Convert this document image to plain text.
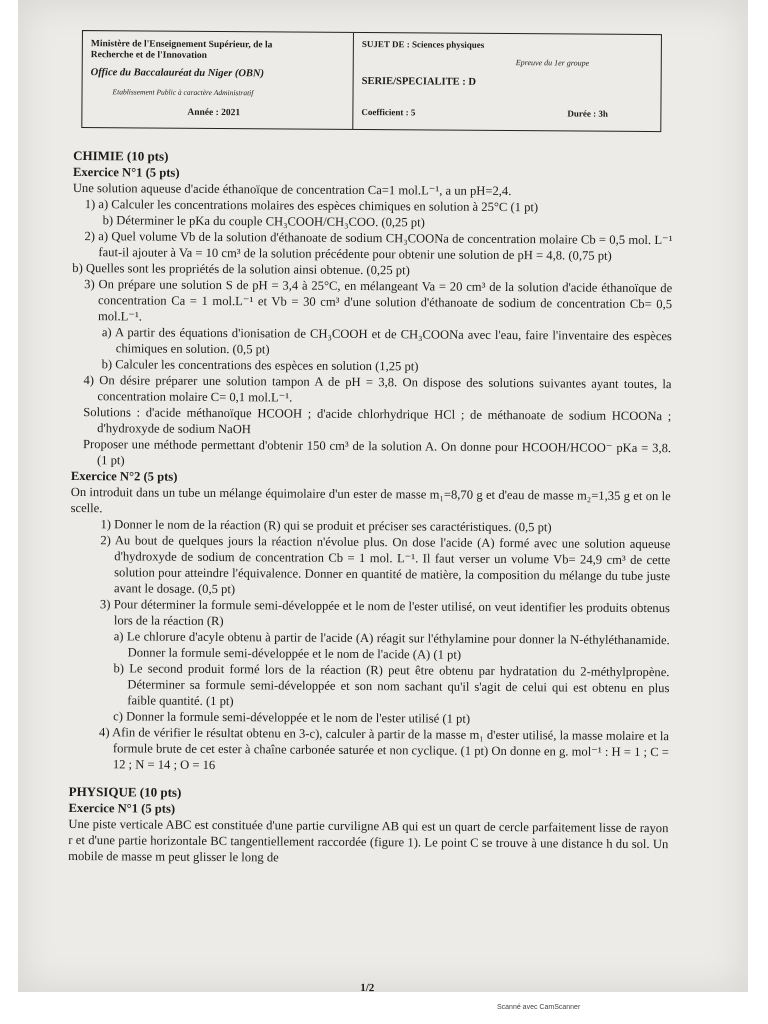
Ministère de l'Enseignement Supérieur, de la
Recherche et de l'Innovation
Office du Baccalauréat du Niger (OBN)
Etablissement Public à caractère Administratif
Année : 2021
SUJET DE : Sciences physiques
Epreuve du 1er groupe
SERIE/SPECIALITE : D
Coefficient : 5	Durée : 3h

CHIMIE (10 pts)

Exercice N°1 (5 pts)

Une solution aqueuse d'acide éthanoïque de concentration Ca=1 mol.L⁻¹, a un pH=2,4.

1) a) Calculer les concentrations molaires des espèces chimiques en solution à 25°C (1 pt)

b) Déterminer le pKa du couple CH₃COOH/CH₃COO. (0,25 pt)

2) a) Quel volume Vb de la solution d'éthanoate de sodium CH₃COONa de concentration molaire Cb = 0,5 mol. L⁻¹ faut-il ajouter à Va = 10 cm³ de la solution précédente pour obtenir une solution de pH = 4,8. (0,75 pt)

b) Quelles sont les propriétés de la solution ainsi obtenue. (0,25 pt)

3) On prépare une solution S de pH = 3,4 à 25°C, en mélangeant Va = 20 cm³ de la solution d'acide éthanoïque de concentration Ca = 1 mol.L⁻¹ et Vb = 30 cm³ d'une solution d'éthanoate de sodium de concentration Cb= 0,5 mol.L⁻¹.

a) A partir des équations d'ionisation de CH₃COOH et de CH₃COONa avec l'eau, faire l'inventaire des espèces chimiques en solution. (0,5 pt)

b) Calculer les concentrations des espèces en solution (1,25 pt)

4) On désire préparer une solution tampon A de pH = 3,8. On dispose des solutions suivantes ayant toutes, la concentration molaire C= 0,1 mol.L⁻¹.

Solutions : d'acide méthanoïque HCOOH ; d'acide chlorhydrique HCl ; de méthanoate de sodium HCOONa ; d'hydroxyde de sodium NaOH

Proposer une méthode permettant d'obtenir 150 cm³ de la solution A. On donne pour HCOOH/HCOO⁻ pKa = 3,8. (1 pt)

Exercice N°2 (5 pts)

On introduit dans un tube un mélange équimolaire d'un ester de masse m₁=8,70 g et d'eau de masse m₂=1,35 g et on le scelle.

1) Donner le nom de la réaction (R) qui se produit et préciser ses caractéristiques. (0,5 pt)

2) Au bout de quelques jours la réaction n'évolue plus. On dose l'acide (A) formé avec une solution aqueuse d'hydroxyde de sodium de concentration Cb = 1 mol. L⁻¹. Il faut verser un volume Vb= 24,9 cm³ de cette solution pour atteindre l'équivalence. Donner en quantité de matière, la composition du mélange du tube juste avant le dosage. (0,5 pt)

3) Pour déterminer la formule semi-développée et le nom de l'ester utilisé, on veut identifier les produits obtenus lors de la réaction (R)

a) Le chlorure d'acyle obtenu à partir de l'acide (A) réagit sur l'éthylamine pour donner la N-éthyléthanamide. Donner la formule semi-développée et le nom de l'acide (A) (1 pt)

b) Le second produit formé lors de la réaction (R) peut être obtenu par hydratation du 2-méthylpropène. Déterminer sa formule semi-développée et son nom sachant qu'il s'agit de celui qui est obtenu en plus faible quantité. (1 pt)

c) Donner la formule semi-développée et le nom de l'ester utilisé (1 pt)

4) Afin de vérifier le résultat obtenu en 3-c), calculer à partir de la masse m₁ d'ester utilisé, la masse molaire et la formule brute de cet ester à chaîne carbonée saturée et non cyclique. (1 pt) On donne en g. mol⁻¹ : H = 1 ; C = 12 ; N = 14 ; O = 16

PHYSIQUE (10 pts)

Exercice N°1 (5 pts)

Une piste verticale ABC est constituée d'une partie curviligne AB qui est un quart de cercle parfaitement lisse de rayon r et d'une partie horizontale BC tangentiellement raccordée (figure 1). Le point C se trouve à une distance h du sol. Un mobile de masse m peut glisser le long de

1/2
Scanné avec CamScanner
